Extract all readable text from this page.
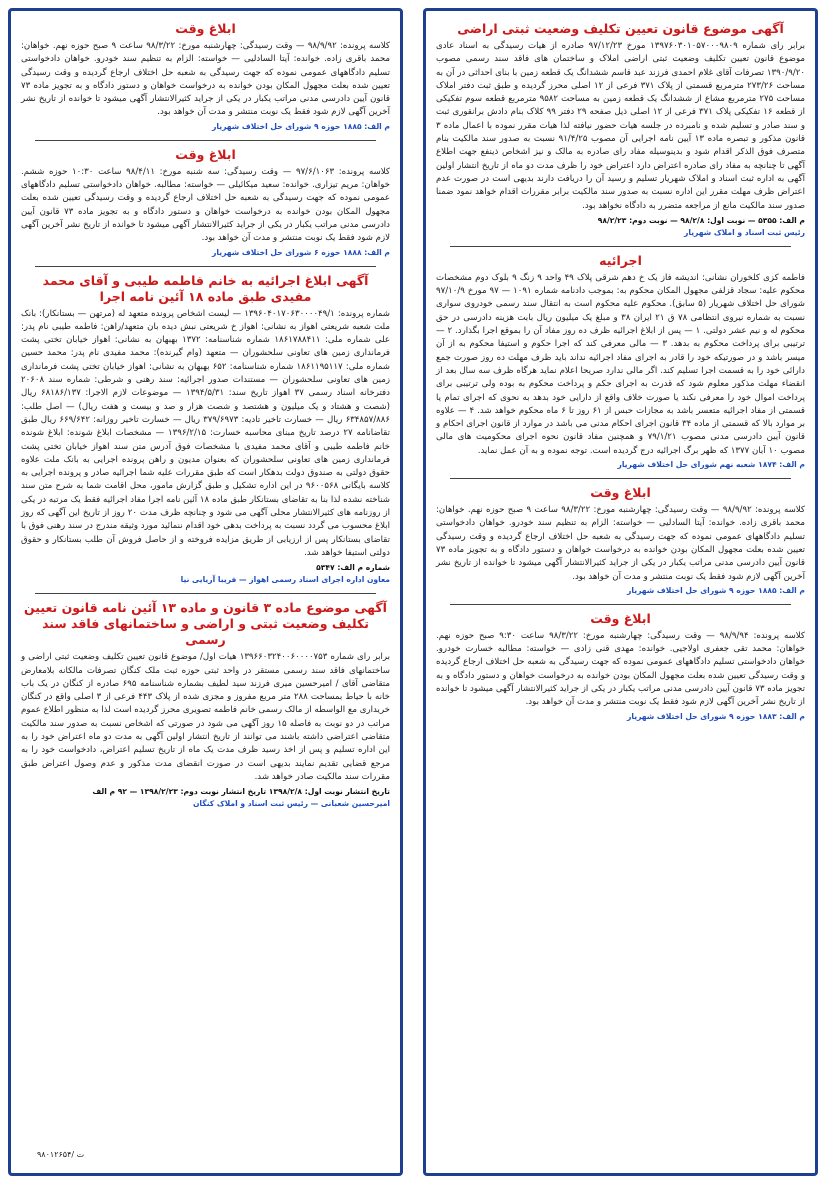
آگهی موضوع قانون تعیین تکلیف وضعیت ثبتی اراضی

برابر رای شماره ۱۳۹۷۶۰۳۰۱۰۵۷۰۰۰۹۸۰۹ مورخ ۹۷/۱۲/۲۳ صادره از هیات رسیدگی به اسناد عادی موضوع قانون تعیین تکلیف وضعیت ثبتی اراضی املاک و ساختمان های فاقد سند رسمی مصوب ۱۳۹۰/۹/۲۰ تصرفات آقای غلام احمدی فرزند عبد قاسم ششدانگ یک قطعه زمین با بنای احداثی در آن به مساحت ۲۷۳/۲۶ مترمربع قسمتی از پلاک ۳۷۱ فرعی از ۱۲ اصلی محرز گردیده و طبق ثبت دفتر املاک مساحت ۲۷۵ مترمربع مشاع از ششدانگ یک قطعه زمین به مساحت ۹۵۸۲ مترمربع قطعه سوم تفکیکی از قطعه ۱۶ تفکیکی پلاک ۳۷۱ فرعی از ۱۲ اصلی ذیل صفحه ۲۹ دفتر ۹۹ کلاک بنام دادش برانقوری ثبت و سند صادر و تسلیم شده و نامبرده در جلسه هیات حضور نیافته لذا هیات مقرر نموده با اعمال ماده ۳ قانون مذکور و تبصره ماده ۱۳ آیین نامه اجرایی آن مصوب ۹۱/۴/۲۵ نسبت به صدور سند مالکیت بنام متصرف فوق الذکر اقدام شود و بدینوسیله مفاد رای صادره به مالک و نیز اشخاص ذینفع جهت اطلاع آگهی تا چنانچه به مفاد رای صادره اعتراض دارد اعتراض خود را ظرف مدت دو ماه از تاریخ انتشار اولین آگهی به اداره ثبت اسناد و املاک شهریار تسلیم و رسید آن را دریافت دارند بدیهی است در صورت عدم اعتراض ظرف مهلت مقرر این اداره نسبت به صدور سند مالکیت برابر مقررات اقدام خواهد نمود ضمنا صدور سند مالکیت مانع از مراجعه متضرر به دادگاه نخواهد بود.

م الف: ۵۳۵۵ — نوبت اول: ۹۸/۲/۸ — نوبت دوم: ۹۸/۲/۲۳
رئیس ثبت اسناد و املاک شهریار
اجرائیه

فاطمه کزی کلخوران نشانی: اندیشه فاز یک خ دهم شرقی پلاک ۴۹ واحد ۹ زنگ ۹ بلوک دوم مشخصات محکوم علیه: سجاد قزلفی مجهول المکان محکوم به: بموجب دادنامه شماره ۱۰۹۱ — ۹۷ مورخ ۹۷/۱۰/۹ شورای حل اختلاف شهریار (۵ سابق). محکوم علیه محکوم است به انتقال سند رسمی خودروی سواری نسبت به شماره نیروی انتظامی ۷۸ ق ۲۱ ایران ۳۸ و مبلغ یک میلیون ریال بابت هزینه دادرسی در حق محکوم له و نیم عشر دولتی. ۱ — پس از ابلاغ اجرائیه ظرف ده روز مفاد آن را بموقع اجرا بگذارد. ۲ — ترتیبی برای پرداخت محکوم به بدهد. ۳ — مالی معرفی کند که اجرا حکوم و استیفا محکوم به از آن میسر باشد و در صورتیکه خود را قادر به اجرای مفاد اجرائیه نداند باید ظرف مهلت ده روز صورت جمع دارائی خود را به قسمت اجرا تسلیم کند. اگر مالی ندارد صریحا اعلام نماید هرگاه ظرف سه سال بعد از انقضاء مهلت مذکور معلوم شود که قدرت به اجرای حکم و پرداخت محکوم به بوده ولی ترتیبی برای پرداخت اموال خود را معرفی نکند یا صورت خلاف واقع از دارایی خود بدهد به نحوی که اجرای تمام یا قسمتی از مفاد اجرائیه متعسر باشد به مجازات حبس از ۶۱ روز تا ۶ ماه محکوم خواهد شد. ۴ — علاوه بر موارد بالا که قسمتی از ماده ۳۴ قانون اجرای احکام مدنی می باشد در موارد از قانون اجرای احکام و قانون آیین دادرسی مدنی مصوب ۷۹/۱/۲۱ و همچنین مفاد قانون نحوه اجرای محکومیت های مالی مصوب ۱۰ آبان ۱۳۷۷ که ظهر برگ اجرائیه درج گردیده است. توجه نموده و به آن عمل نماید.

م الف: ۱۸۷۴ شعبه نهم شورای حل اختلاف شهریار
ابلاغ وقت

کلاسه پرونده: ۹۸/۹/۹۲ — وقت رسیدگی: چهارشنبه مورخ: ۹۸/۳/۲۲ ساعت ۹ صبح حوزه نهم. خواهان: محمد باقری زاده. خوانده: آیتا السادلیی — خواسته: الزام به تنظیم سند خودرو. خواهان دادخواستی تسلیم دادگاههای عمومی نموده که جهت رسیدگی به شعبه حل اختلاف ارجاع گردیده و وقت رسیدگی تعیین شده بعلت مجهول المکان بودن خوانده به درخواست خواهان و دستور دادگاه و به تجویز ماده ۷۳ قانون آیین دادرسی مدنی مراتب یکبار در یکی از جراید کثیرالانتشار آگهی میشود تا خوانده از تاریخ نشر آخرین آگهی لازم شود فقط یک نوبت منتشر و مدت آن خواهد بود.

م الف: ۱۸۸۵ حوزه ۹ شورای حل اختلاف شهریار
ابلاغ وقت

کلاسه پرونده: ۹۸/۹/۹۴ — وقت رسیدگی: چهارشنبه مورخ: ۹۸/۳/۲۲ ساعت ۹:۳۰ صبح حوزه نهم. خواهان: محمد تقی جعفری اولاجیی. خوانده: مهدی قنی زادی — خواسته: مطالبه خسارت خودرو. خواهان دادخواستی تسلیم دادگاههای عمومی نموده که جهت رسیدگی به شعبه حل اختلاف ارجاع گردیده و وقت رسیدگی تعیین شده بعلت مجهول المکان بودن خوانده به درخواست خواهان و دستور دادگاه و به تجویز ماده ۷۳ قانون آیین دادرسی مدنی مراتب یکبار در یکی از جراید کثیرالانتشار آگهی میشود تا خوانده از تاریخ نشر آخرین آگهی لازم شود فقط یک نوبت منتشر و مدت آن خواهد بود.

م الف: ۱۸۸۳ حوزه ۹ شورای حل اختلاف شهریار
ابلاغ وقت

کلاسه پرونده: ۹۸/۹/۹۲ — وقت رسیدگی: چهارشنبه مورخ: ۹۸/۳/۲۲ ساعت ۹ صبح حوزه نهم. خواهان: محمد باقری زاده. خوانده: آیتا السادلیی — خواسته: الزام به تنظیم سند خودرو. خواهان دادخواستی تسلیم دادگاههای عمومی نموده که جهت رسیدگی به شعبه حل اختلاف ارجاع گردیده و وقت رسیدگی تعیین شده بعلت مجهول المکان بودن خوانده به درخواست خواهان و دستور دادگاه و به تجویز ماده ۷۳ قانون آیین دادرسی مدنی مراتب یکبار در یکی از جراید کثیرالانتشار آگهی میشود تا خوانده از تاریخ نشر آخرین آگهی لازم شود فقط یک نوبت منتشر و مدت آن خواهد بود.

م الف: ۱۸۸۵ حوزه ۹ شورای حل اختلاف شهریار
ابلاغ وقت

کلاسه پرونده: ۹۷/۶/۱۰۶۳ — وقت رسیدگی: سه شنبه مورخ: ۹۸/۴/۱۱ ساعت ۱۰:۳۰ حوزه ششم. خواهان: مریم تیزاری. خوانده: سعید میکائیلی — خواسته: مطالبه. خواهان دادخواستی تسلیم دادگاههای عمومی نموده که جهت رسیدگی به شعبه حل اختلاف ارجاع گردیده و وقت رسیدگی تعیین شده بعلت مجهول المکان بودن خوانده به درخواست خواهان و دستور دادگاه و به تجویز ماده ۷۳ قانون آیین دادرسی مدنی مراتب یکبار در یکی از جراید کثیرالانتشار آگهی میشود تا خوانده از تاریخ نشر آخرین آگهی لازم شود فقط یک نوبت منتشر و مدت آن خواهد بود.

م الف: ۱۸۸۸ حوزه ۶ شورای حل اختلاف شهریار
آگهی ابلاغ اجرائیه به خانم فاطمه طیبی و آقای محمد مفیدی طبق ماده ۱۸ آئین نامه اجرا

شماره پرونده: ۱۳۹۶۰۴۰۱۷۰۶۳۰۰۰۰۴۹/۱ — لیست اشخاص پرونده متعهد له (مرتهن — بستانکار): بانک ملت شعبه شریعتی اهواز به نشانی: اهواز خ شریعتی نبش دیده بان متعهد/راهن: فاطمه طیبی نام پدر: علی شماره ملی: ۱۸۶۱۷۸۸۴۱۱ شماره شناسنامه: ۱۳۷۲ بهبهان به نشانی: اهواز خیابان تختی پشت فرمانداری زمین های تعاونی سلحشوران — متعهد (وام گیرنده): محمد مفیدی نام پدر: محمد حسین شماره ملی: ۱۸۶۱۱۹۵۱۱۷ شماره شناسنامه: ۶۵۲ بهبهان به نشانی: اهواز خیابان تختی پشت فرمانداری زمین های تعاونی سلحشوران — مستندات صدور اجرائیه: سند رهنی و شرطی: شماره سند ۲۰۶۰۸ دفترخانه اسناد رسمی ۳۷ اهواز تاریخ سند: ۱۳۹۴/۵/۳۱ — موضوعات لازم الاجرا: ۶۸۱۸۶/۱۳۷ ریال (شصت و هشتاد و یک میلیون و هشتصد و شصت هزار و صد و بیست و هفت ریال) — اصل طلب: ۶۳۴۸۵۷/۸۸۶ ریال — خسارت تاخیر تادیه: ۳۷۹/۶۹۷۳ ریال — خسارت تاخیر روزانه: ۶۶۹/۶۴۲ ریال طبق تقاضانامه ۲۷ درصد تاریخ مبنای محاسبه خسارت: ۱۳۹۶/۲/۱۵ — مشخصات ابلاغ شونده: ابلاغ شونده خانم فاطمه طیبی و آقای محمد مفیدی با مشخصات فوق آدرس متن سند اهواز خیابان تختی پشت فرمانداری زمین های تعاونی سلحشوران که بعنوان مدیون و راهن پرونده اجرایی به بانک ملت علاوه حقوق دولتی به صندوق دولت بدهکار است که طبق مقررات علیه شما اجرائیه صادر و پرونده اجرایی به کلاسه بایگانی ۹۶۰۰۵۶۸ در این اداره تشکیل و طبق گزارش مامور، محل اقامت شما به شرح متن سند شناخته نشده لذا بنا به تقاضای بستانکار طبق ماده ۱۸ آئین نامه اجرا مفاد اجرائیه فقط یک مرتبه در یکی از روزنامه های کثیرالانتشار محلی آگهی می شود و چنانچه ظرف مدت ۲۰ روز از تاریخ این آگهی که روز ابلاغ محسوب می گردد نسبت به پرداخت بدهی خود اقدام ننمائید مورد وثیقه مندرج در سند رهنی فوق با تقاضای بستانکار پس از ارزیابی از طریق مزایده فروخته و از حاصل فروش آن طلب بستانکار و حقوق دولتی استیفا خواهد شد.

شماره م الف: ۵۳۴۷
معاون اداره اجرای اسناد رسمی اهواز — فریبا آریایی نیا
آگهی موضوع ماده ۳ قانون و ماده ۱۳ آئین نامه قانون تعیین تکلیف وضعیت ثبتی و اراضی و ساختمانهای فاقد سند رسمی

برابر رای شماره ۱۳۹۶۶۰۳۲۴۰۰۶۰۰۰۰۷۵۳ هیات اول/ موضوع قانون تعیین تکلیف وضعیت ثبتی اراضی و ساختمانهای فاقد سند رسمی مستقر در واحد ثبتی حوزه ثبت ملک کنگان تصرفات مالکانه بلامعارض متقاضی آقای / امیرحسین میری فرزند سید لطیف بشماره شناسنامه ۶۹۵ صادره از کنگان در یک باب خانه با حیاط بمساحت ۲۸۸ متر مربع مفروز و مجزی شده از پلاک ۴۴۳ فرعی از ۳ اصلی واقع در کنگان خریداری مع الواسطه از مالک رسمی خانم فاطمه تصویری محرز گردیده است لذا به منظور اطلاع عموم مراتب در دو نوبت به فاصله ۱۵ روز آگهی می شود در صورتی که اشخاص نسبت به صدور سند مالکیت متقاضی اعتراضی داشته باشند می توانند از تاریخ انتشار اولین آگهی به مدت دو ماه اعتراض خود را به این اداره تسلیم و پس از اخذ رسید ظرف مدت یک ماه از تاریخ تسلیم اعتراض، دادخواست خود را به مرجع قضایی تقدیم نمایند بدیهی است در صورت انقضای مدت مذکور و عدم وصول اعتراض طبق مقررات سند مالکیت صادر خواهد شد.

تاریخ انتشار نوبت اول: ۱۳۹۸/۲/۸ تاریخ انتشار نوبت دوم: ۱۳۹۸/۲/۲۳ — ۹۲ م الف
امیرحسین شعبانی — رئیس ثبت اسناد و املاک کنگان
۹۸۰۱۲۶۵۴/ ت
